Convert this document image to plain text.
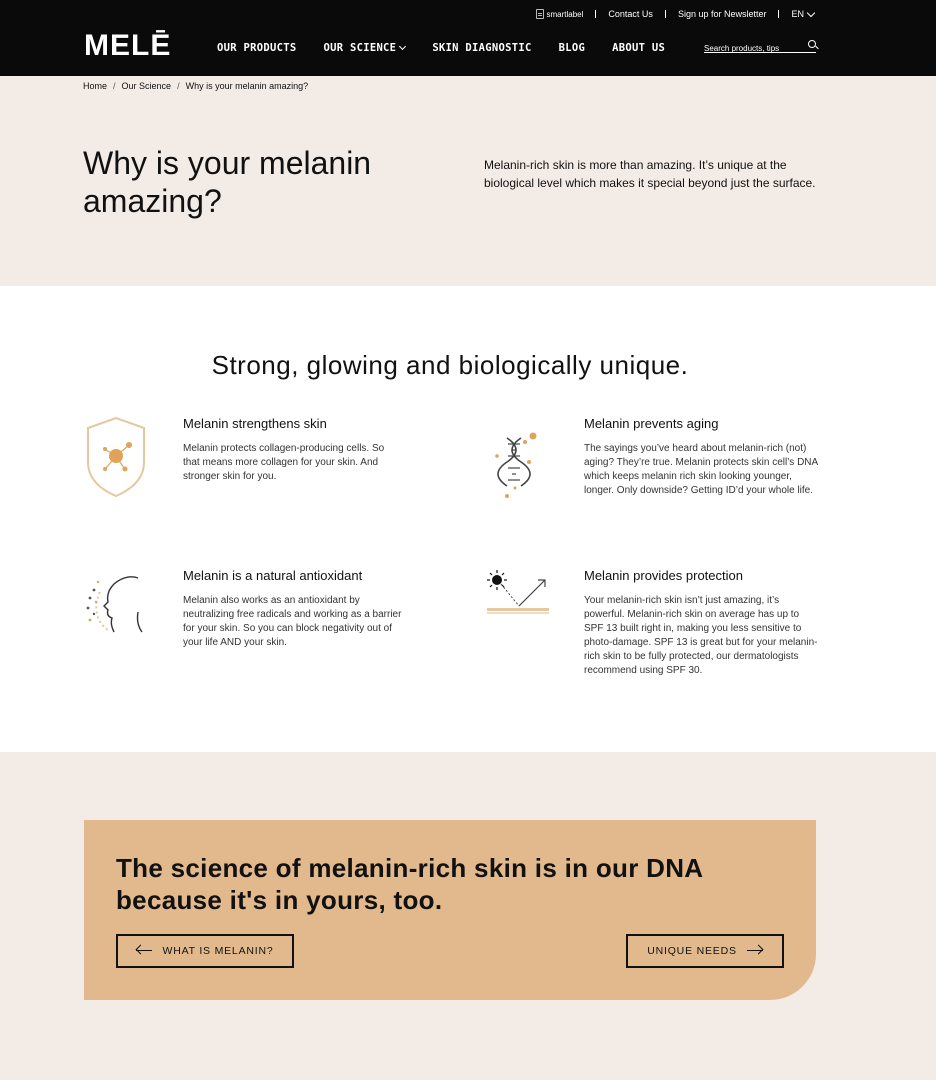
smartlabel	Contact Us	Sign up for Newsletter	EN
MELĒ	OUR PRODUCTS	OUR SCIENCE	SKIN DIAGNOSTIC	BLOG	ABOUT US
Search products, tips
Home / Our Science / Why is your melanin amazing?
Why is your melanin amazing?

Melanin-rich skin is more than amazing. It’s unique at the biological level which makes it special beyond just the surface.

Strong, glowing and biologically unique.
Melanin strengthens skin
Melanin protects collagen-producing cells. So that means more collagen for your skin. And stronger skin for you.
Melanin prevents aging
The sayings you’ve heard about melanin-rich (not) aging? They’re true. Melanin protects skin cell’s DNA which keeps melanin rich skin looking younger, longer. Only downside? Getting ID’d your whole life.
Melanin is a natural antioxidant
Melanin also works as an antioxidant by neutralizing free radicals and working as a barrier for your skin. So you can block negativity out of your life AND your skin.
Melanin provides protection
Your melanin-rich skin isn’t just amazing, it’s powerful. Melanin-rich skin on average has up to SPF 13 built right in, making you less sensitive to photo-damage. SPF 13 is great but for your melanin-rich skin to be fully protected, our dermatologists recommend using SPF 30.
The science of melanin-rich skin is in our DNA because it's in yours, too.
WHAT IS MELANIN?	UNIQUE NEEDS
